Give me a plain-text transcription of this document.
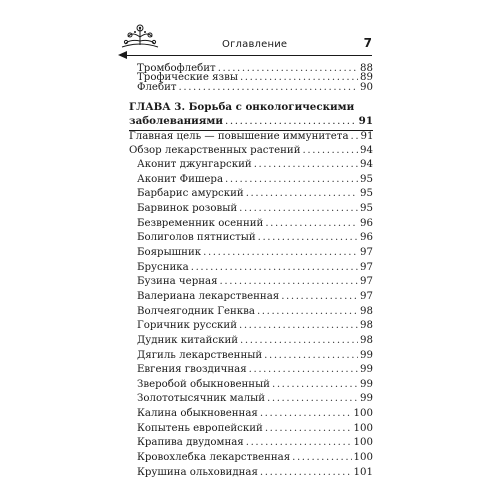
Оглавление	7
Тромбофлебит .....	88
Трофические язвы .....	89
Флебит .....	90
ГЛАВА 3. Борьба с онкологическими
заболеваниями .....	91
Главная цель — повышение иммунитета ..... 91
Обзор лекарственных растений .....	94
Аконит джунгарский .....	94
Аконит Фишера .....	95
Барбарис амурский .....	95
Барвинок розовый .....	95
Безвременник осенний .....	96
Болиголов пятнистый .....	96
Боярышник .....	97
Брусника .....	97
Бузина черная .....	97
Валериана лекарственная .....	97
Волчеягодник Генква .....	98
Горичник русский .....	98
Дудник китайский .....	98
Дягиль лекарственный .....	99
Евгения гвоздичная .....	99
Зверобой обыкновенный .....	99
Золототысячник малый .....	99
Калина обыкновенная .....	100
Копытень европейский .....	100
Крапива двудомная .....	100
Кровохлебка лекарственная .....	100
Крушина ольховидная .....	101
